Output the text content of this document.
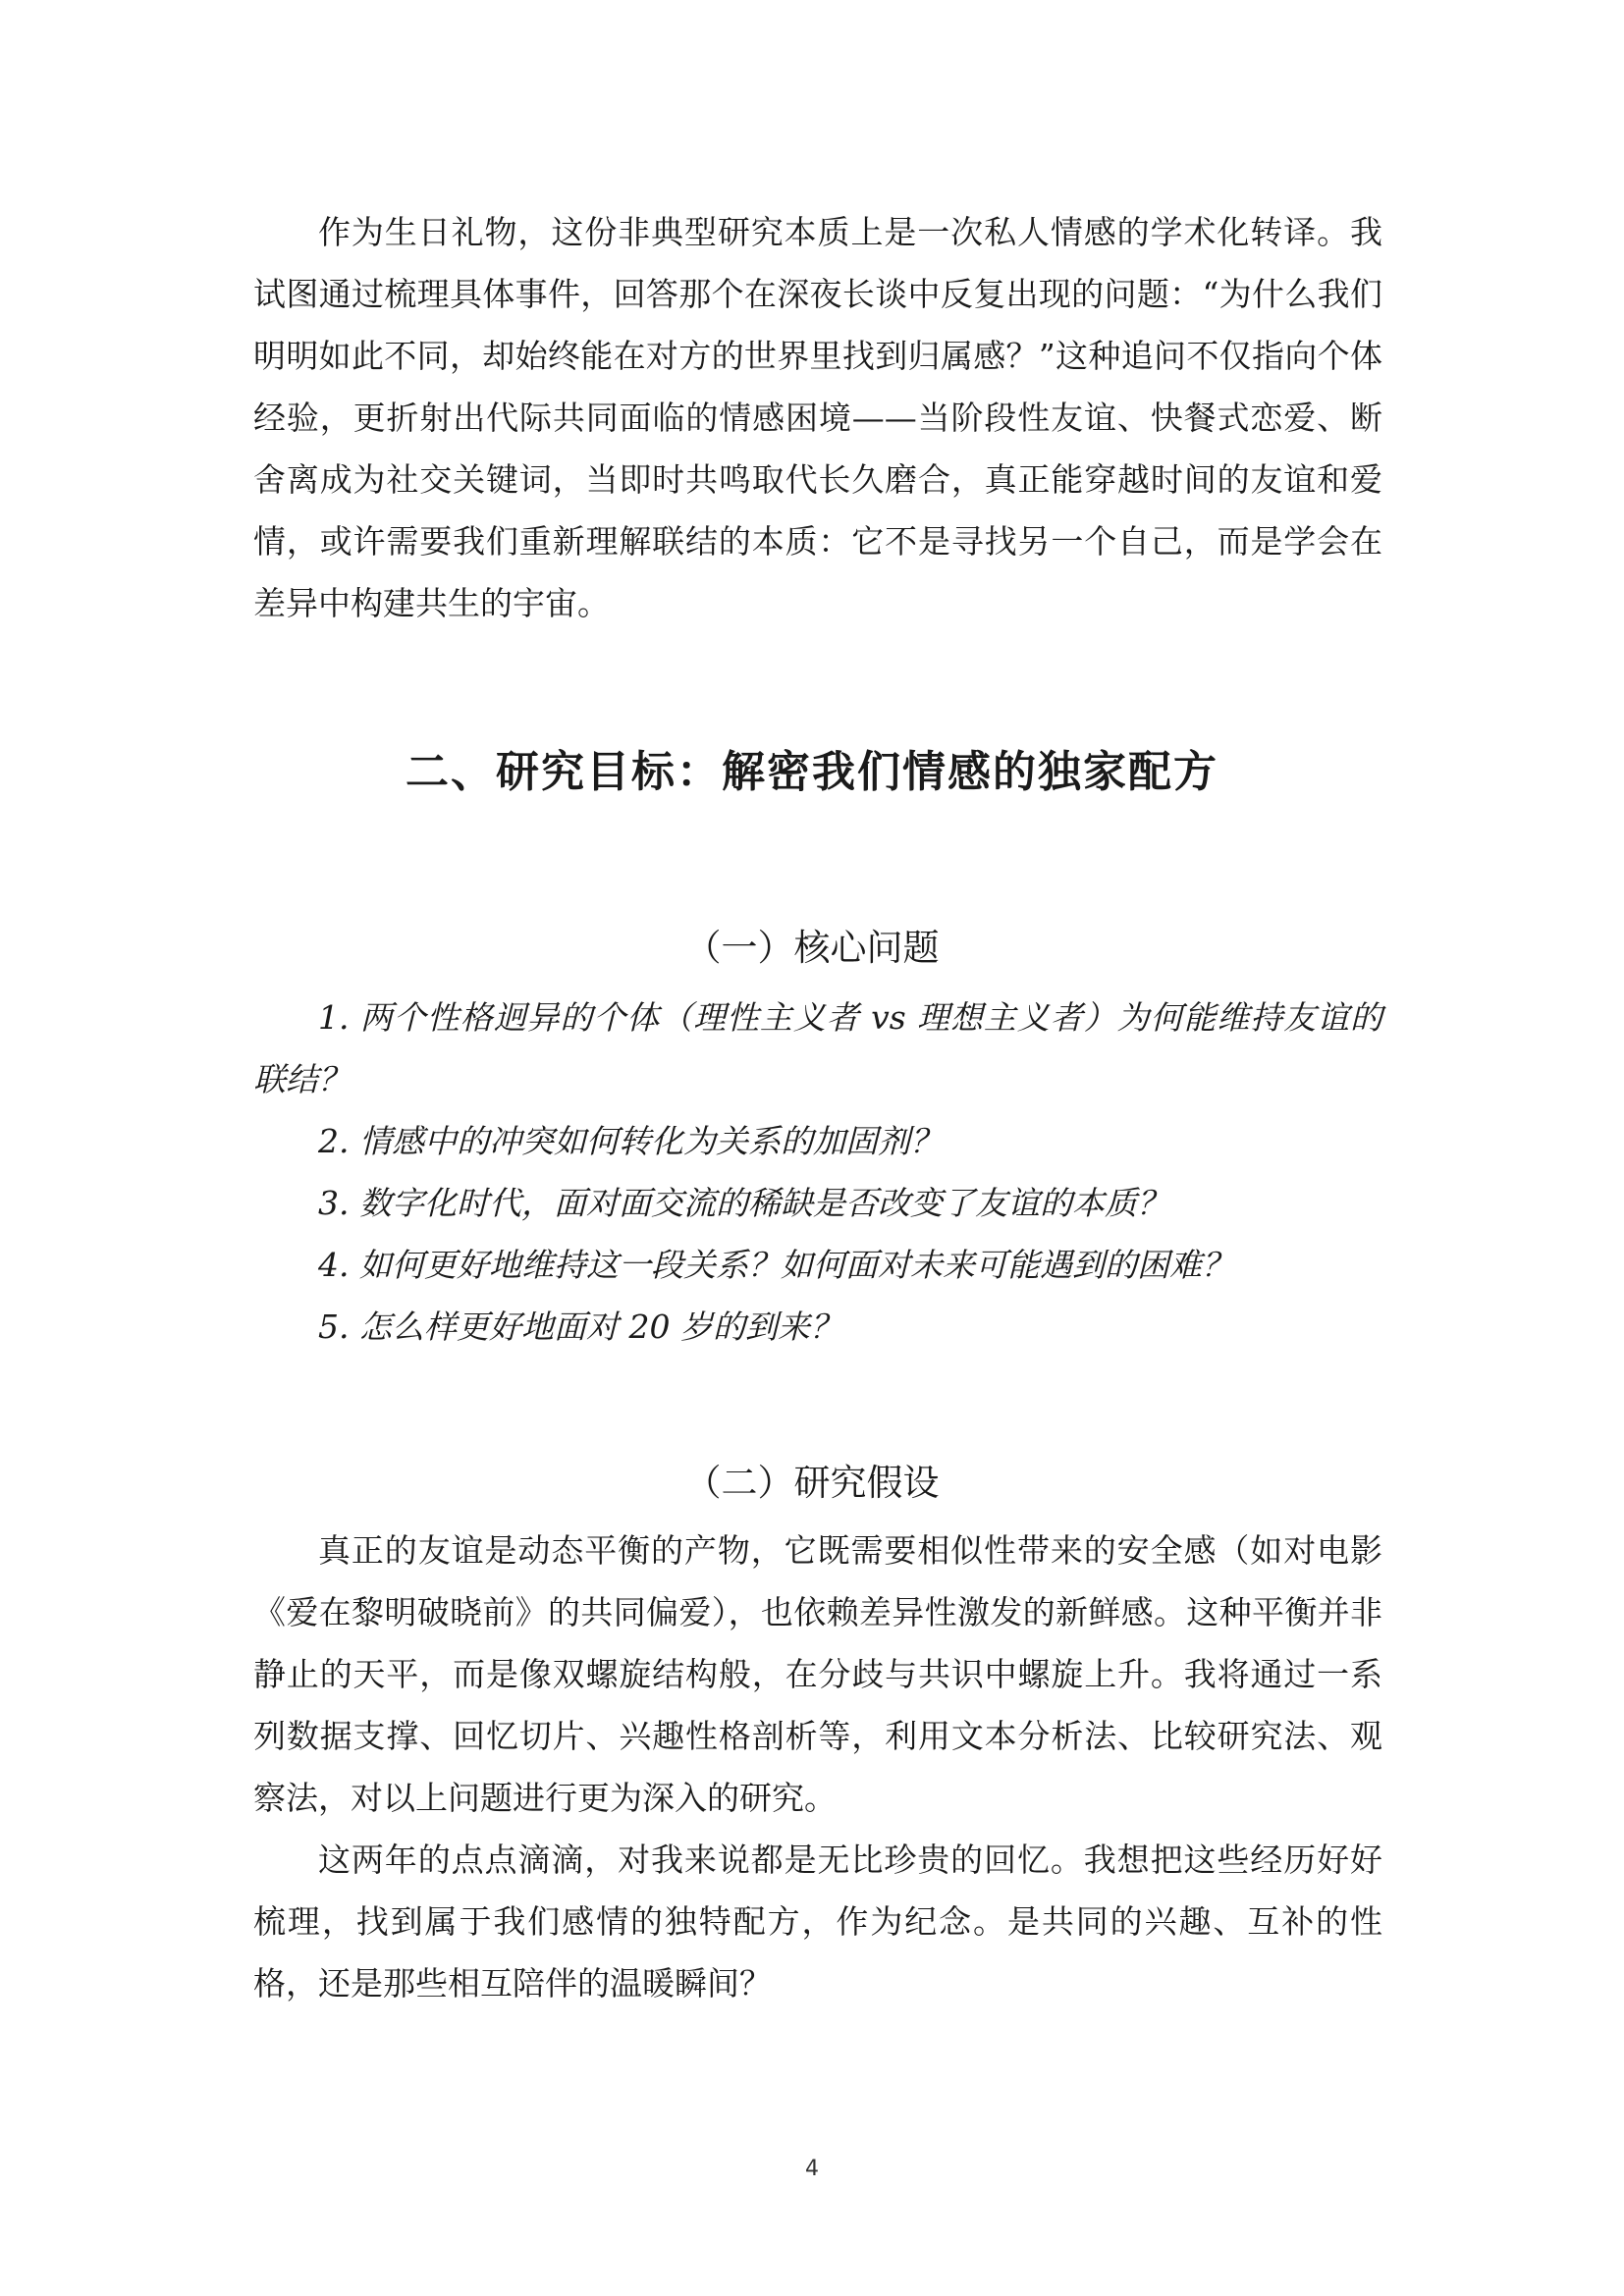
作为生日礼物，这份非典型研究本质上是一次私人情感的学术化转译。我试图通过梳理具体事件，回答那个在深夜长谈中反复出现的问题：“为什么我们明明如此不同，却始终能在对方的世界里找到归属感？”这种追问不仅指向个体经验，更折射出代际共同面临的情感困境——当阶段性友谊、快餐式恋爱、断舍离成为社交关键词，当即时共鸣取代长久磨合，真正能穿越时间的友谊和爱情，或许需要我们重新理解联结的本质：它不是寻找另一个自己，而是学会在差异中构建共生的宇宙。

二、研究目标：解密我们情感的独家配方
（一）核心问题
1. 两个性格迥异的个体（理性主义者 vs 理想主义者）为何能维持友谊的联结？
2. 情感中的冲突如何转化为关系的加固剂？
3. 数字化时代，面对面交流的稀缺是否改变了友谊的本质？
4. 如何更好地维持这一段关系？如何面对未来可能遇到的困难？
5. 怎么样更好地面对 20 岁的到来？
（二）研究假设

真正的友谊是动态平衡的产物，它既需要相似性带来的安全感（如对电影《爱在黎明破晓前》的共同偏爱），也依赖差异性激发的新鲜感。这种平衡并非静止的天平，而是像双螺旋结构般，在分歧与共识中螺旋上升。我将通过一系列数据支撑、回忆切片、兴趣性格剖析等，利用文本分析法、比较研究法、观察法，对以上问题进行更为深入的研究。

这两年的点点滴滴，对我来说都是无比珍贵的回忆。我想把这些经历好好梳理，找到属于我们感情的独特配方，作为纪念。是共同的兴趣、互补的性格，还是那些相互陪伴的温暖瞬间？

4
